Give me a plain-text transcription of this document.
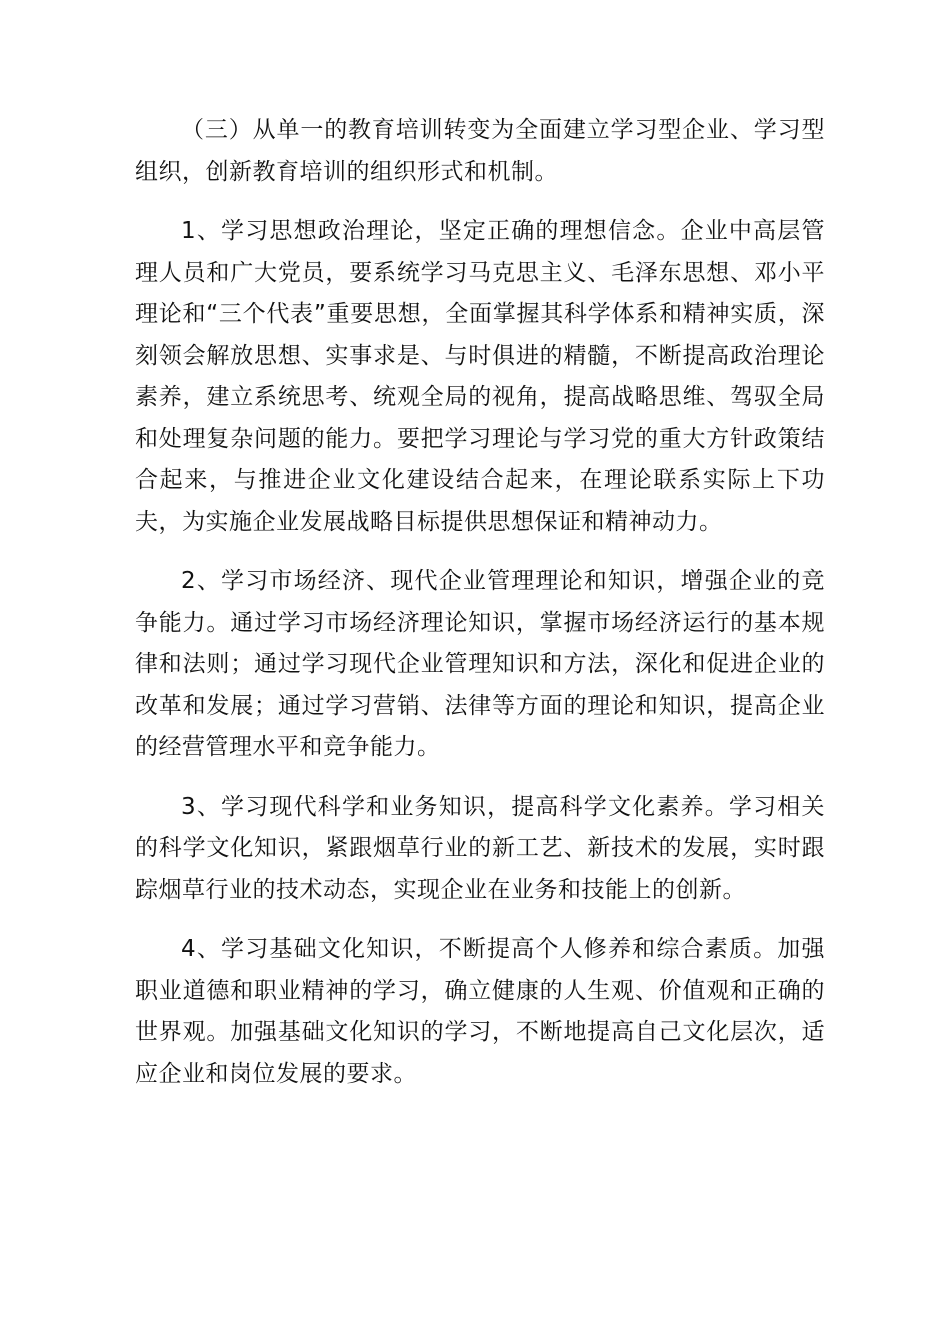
（三）从单一的教育培训转变为全面建立学习型企业、学习型组织，创新教育培训的组织形式和机制。

1、学习思想政治理论，坚定正确的理想信念。企业中高层管理人员和广大党员，要系统学习马克思主义、毛泽东思想、邓小平理论和“三个代表”重要思想，全面掌握其科学体系和精神实质，深刻领会解放思想、实事求是、与时俱进的精髓，不断提高政治理论素养，建立系统思考、统观全局的视角，提高战略思维、驾驭全局和处理复杂问题的能力。要把学习理论与学习党的重大方针政策结合起来，与推进企业文化建设结合起来，在理论联系实际上下功夫，为实施企业发展战略目标提供思想保证和精神动力。

2、学习市场经济、现代企业管理理论和知识，增强企业的竞争能力。通过学习市场经济理论知识，掌握市场经济运行的基本规律和法则；通过学习现代企业管理知识和方法，深化和促进企业的改革和发展；通过学习营销、法律等方面的理论和知识，提高企业的经营管理水平和竞争能力。

3、学习现代科学和业务知识，提高科学文化素养。学习相关的科学文化知识，紧跟烟草行业的新工艺、新技术的发展，实时跟踪烟草行业的技术动态，实现企业在业务和技能上的创新。

4、学习基础文化知识，不断提高个人修养和综合素质。加强职业道德和职业精神的学习，确立健康的人生观、价值观和正确的世界观。加强基础文化知识的学习，不断地提高自己文化层次，适应企业和岗位发展的要求。
